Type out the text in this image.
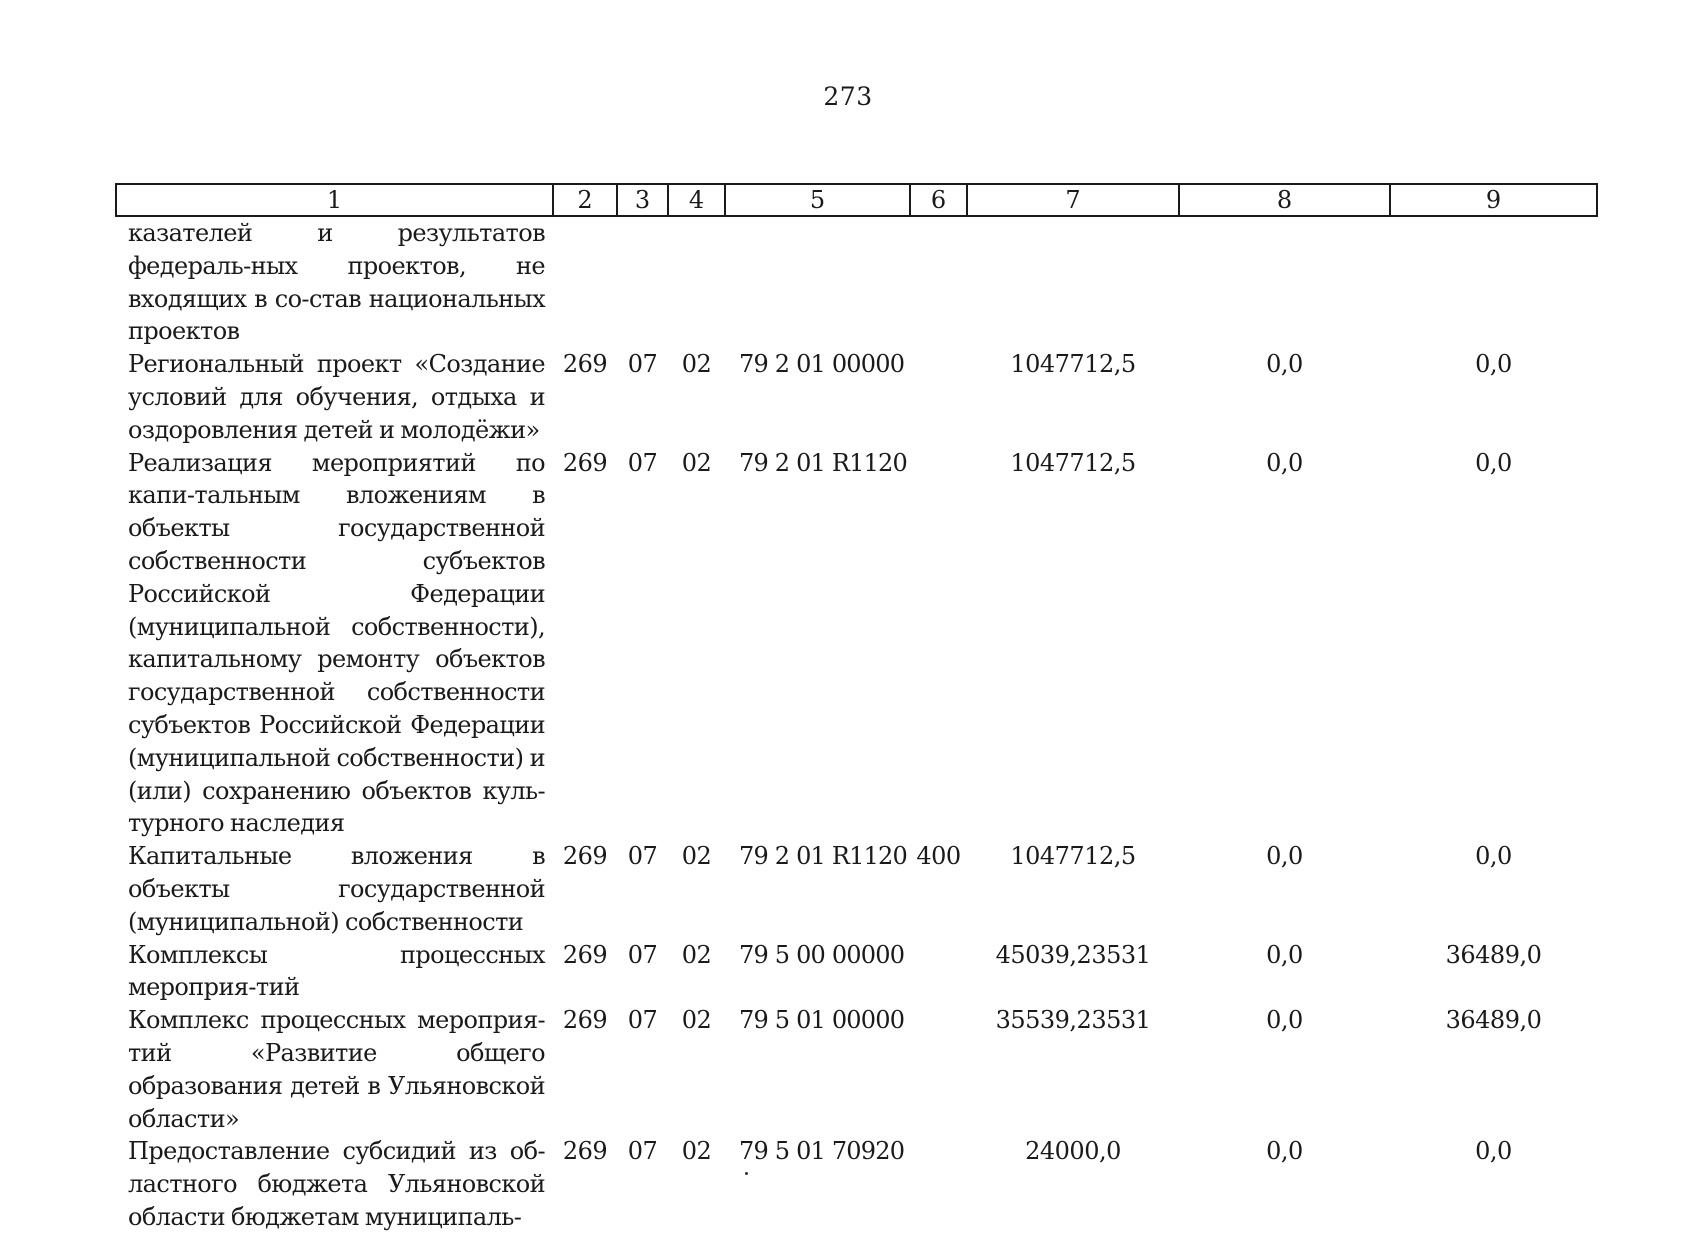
273
1	2	3	4	5	6	7	8	9
казателей и результатов федераль-ных проектов, не входящих в со-став национальных проектов								
Региональный проект «Создание условий для обучения, отдыха и оздоровления детей и молодёжи»	269	07	02	79 2 01 00000		1047712,5	0,0	0,0
Реализация мероприятий по капи-тальным вложениям в объекты государственной собственности субъектов Российской Федерации (муниципальной собственности), капитальному ремонту объектов государственной собственности субъектов Российской Федерации (муниципальной собственности) и (или) сохранению объектов куль-турного наследия	269	07	02	79 2 01 R1120		1047712,5	0,0	0,0
Капитальные вложения в объекты государственной (муниципальной) собственности	269	07	02	79 2 01 R1120	400	1047712,5	0,0	0,0
Комплексы процессных мероприя-тий	269	07	02	79 5 00 00000		45039,23531	0,0	36489,0
Комплекс процессных мероприя-тий «Развитие общего образования детей в Ульяновской области»	269	07	02	79 5 01 00000		35539,23531	0,0	36489,0
Предоставление субсидий из об-ластного бюджета Ульяновской области бюджетам муниципаль-	269	07	02	79 5 01 70920		24000,0	0,0	0,0
